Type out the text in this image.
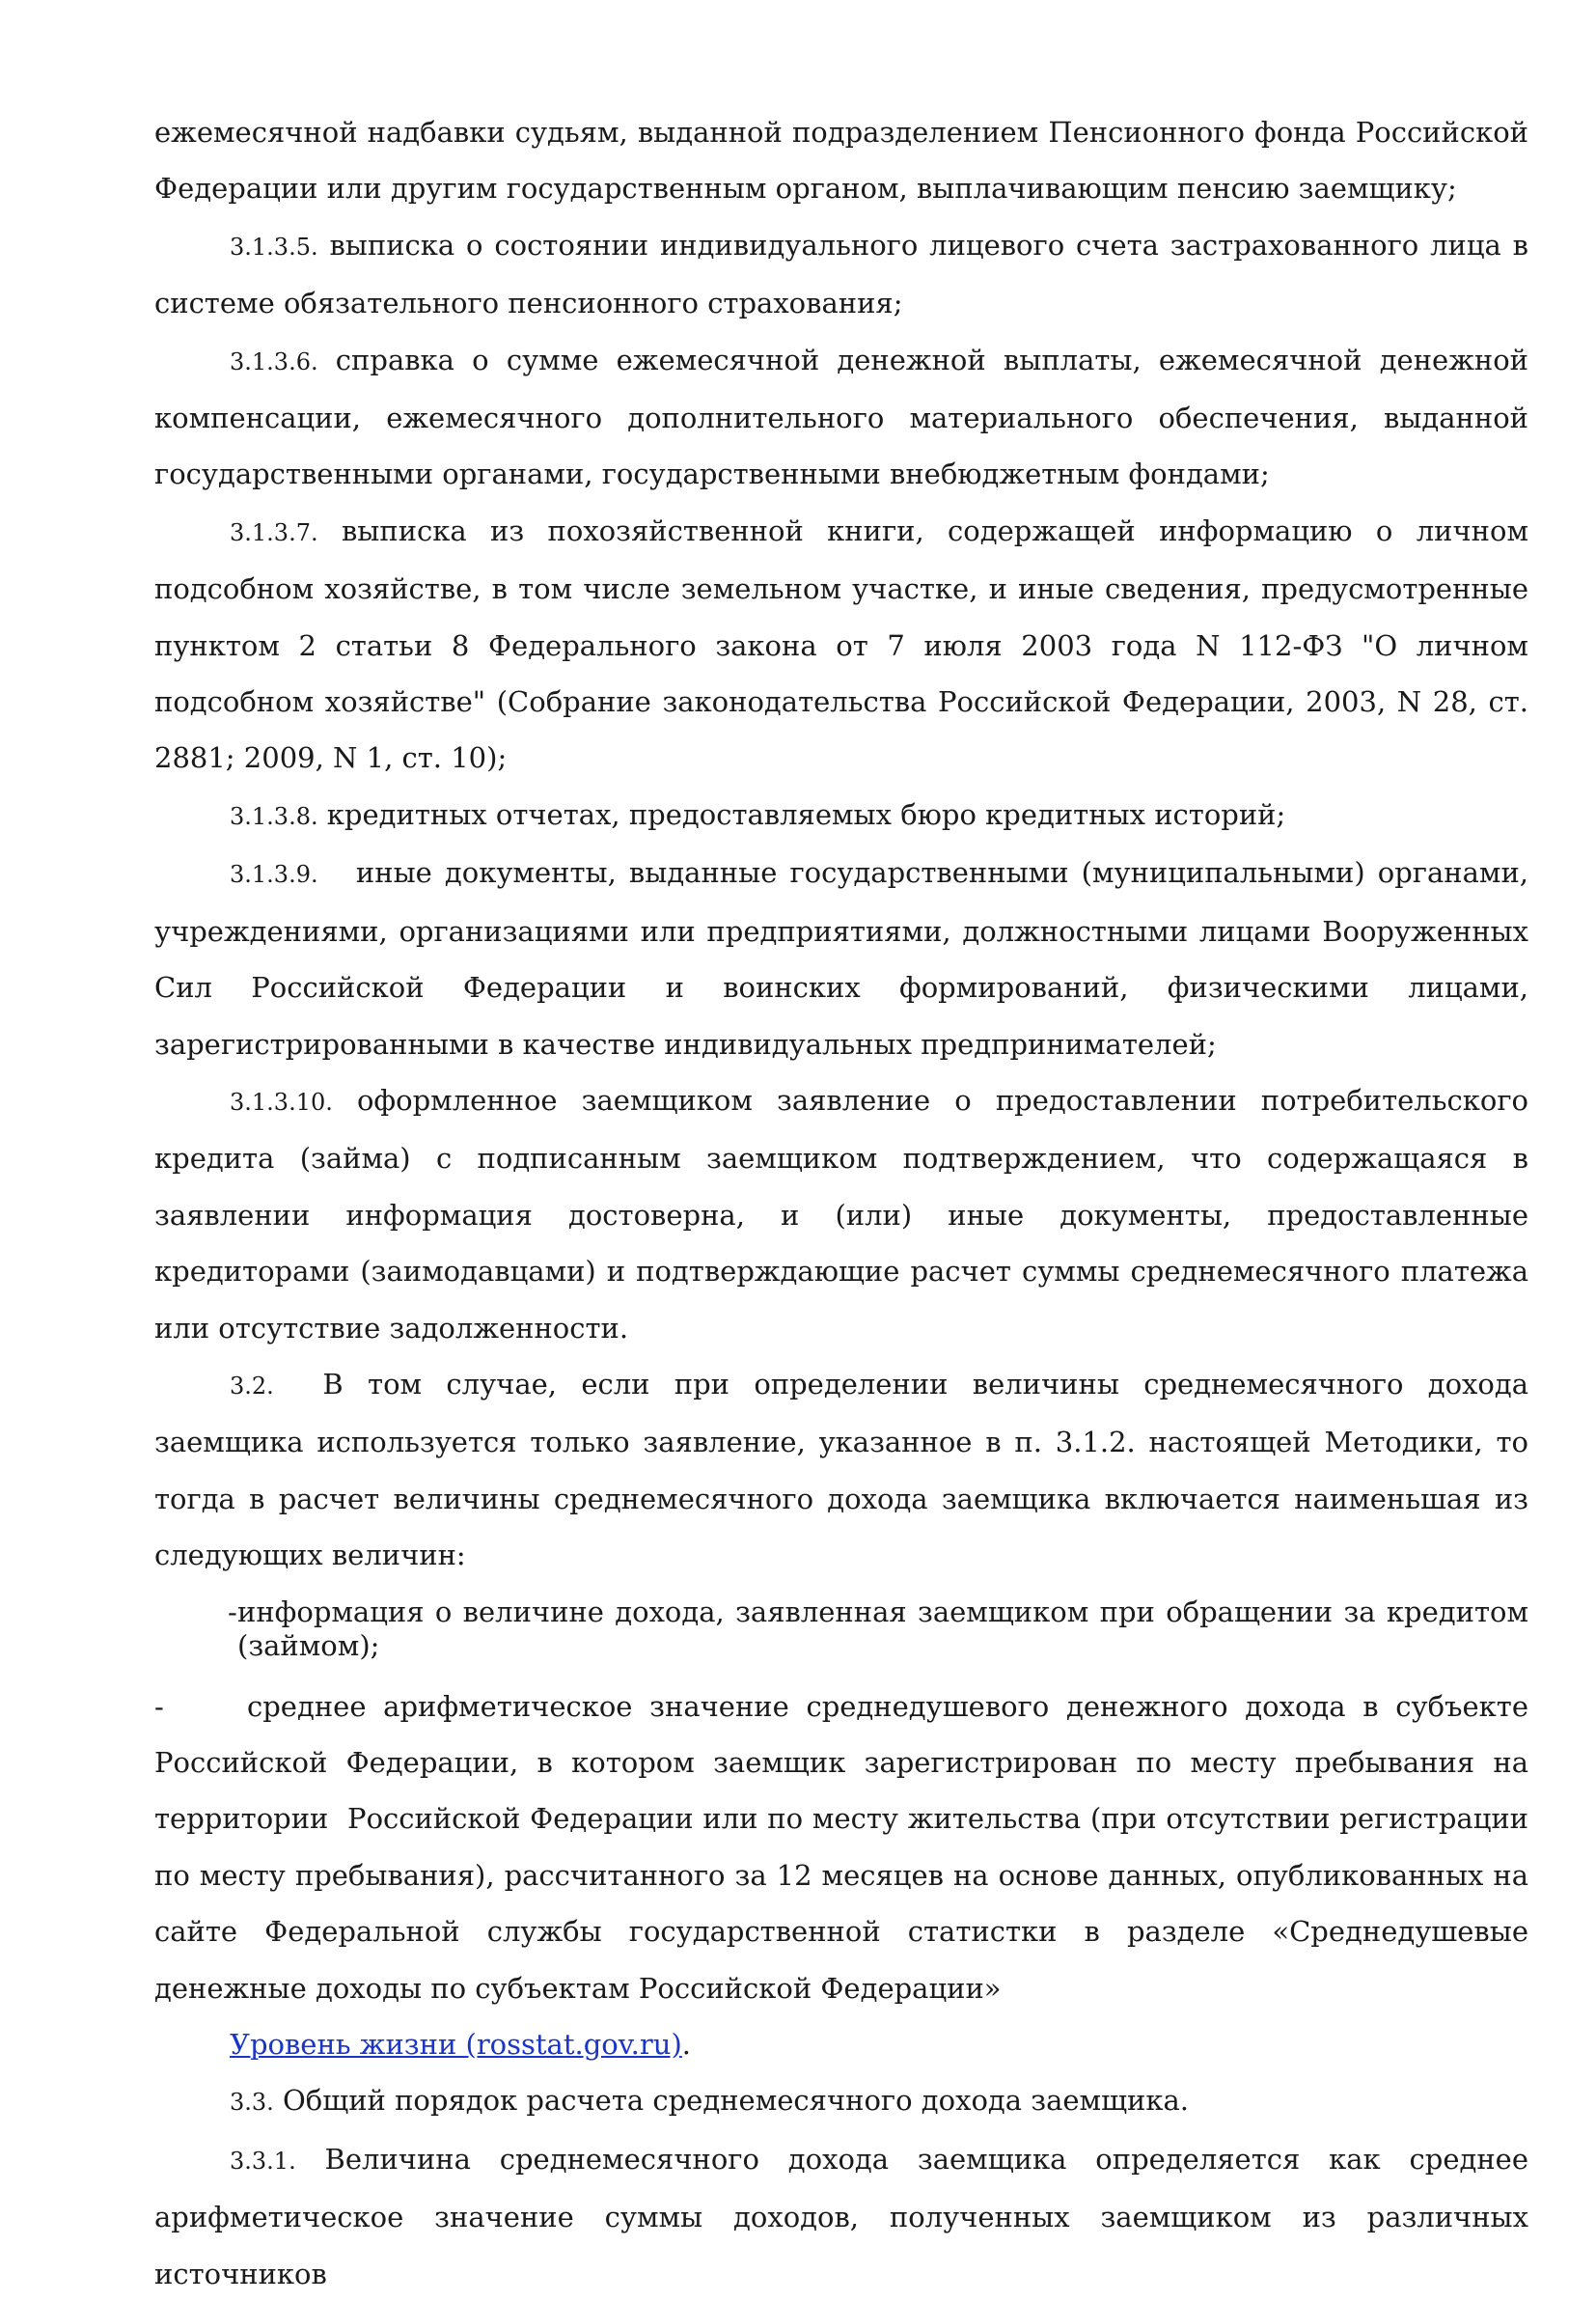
ежемесячной надбавки судьям, выданной подразделением Пенсионного фонда Российской Федерации или другим государственным органом, выплачивающим пенсию заемщику;

3.1.3.5. выписка о состоянии индивидуального лицевого счета застрахованного лица в системе обязательного пенсионного страхования;

3.1.3.6. справка о сумме ежемесячной денежной выплаты, ежемесячной денежной компенсации, ежемесячного дополнительного материального обеспечения, выданной государственными органами, государственными внебюджетным фондами;

3.1.3.7. выписка из похозяйственной книги, содержащей информацию о личном подсобном хозяйстве, в том числе земельном участке, и иные сведения, предусмотренные пунктом 2 статьи 8 Федерального закона от 7 июля 2003 года N 112-ФЗ "О личном подсобном хозяйстве" (Собрание законодательства Российской Федерации, 2003, N 28, ст. 2881; 2009, N 1, ст. 10);

3.1.3.8. кредитных отчетах, предоставляемых бюро кредитных историй;

3.1.3.9.   иные документы, выданные государственными (муниципальными) органами, учреждениями, организациями или предприятиями, должностными лицами Вооруженных Сил Российской Федерации и воинских формирований, физическими лицами, зарегистрированными в качестве индивидуальных предпринимателей;

3.1.3.10. оформленное заемщиком заявление о предоставлении потребительского кредита (займа) с подписанным заемщиком подтверждением, что содержащаяся в заявлении информация достоверна, и (или) иные документы, предоставленные кредиторами (заимодавцами) и подтверждающие расчет суммы среднемесячного платежа или отсутствие задолженности.

3.2.  В том случае, если при определении величины среднемесячного дохода заемщика используется только заявление, указанное в п. 3.1.2. настоящей Методики, то тогда в расчет величины среднемесячного дохода заемщика включается наименьшая из следующих величин:

- информация о величине дохода, заявленная заемщиком при обращении за кредитом (займом);

-	среднее арифметическое значение среднедушевого денежного дохода в субъекте Российской Федерации, в котором заемщик зарегистрирован по месту пребывания на территории  Российской Федерации или по месту жительства (при отсутствии регистрации по месту пребывания), рассчитанного за 12 месяцев на основе данных, опубликованных на сайте Федеральной службы государственной статистки в разделе «Среднедушевые денежные доходы по субъектам Российской Федерации»

Уровень жизни (rosstat.gov.ru).

3.3. Общий порядок расчета среднемесячного дохода заемщика.

3.3.1. Величина среднемесячного дохода заемщика определяется как среднее арифметическое значение суммы доходов, полученных заемщиком из различных источников
